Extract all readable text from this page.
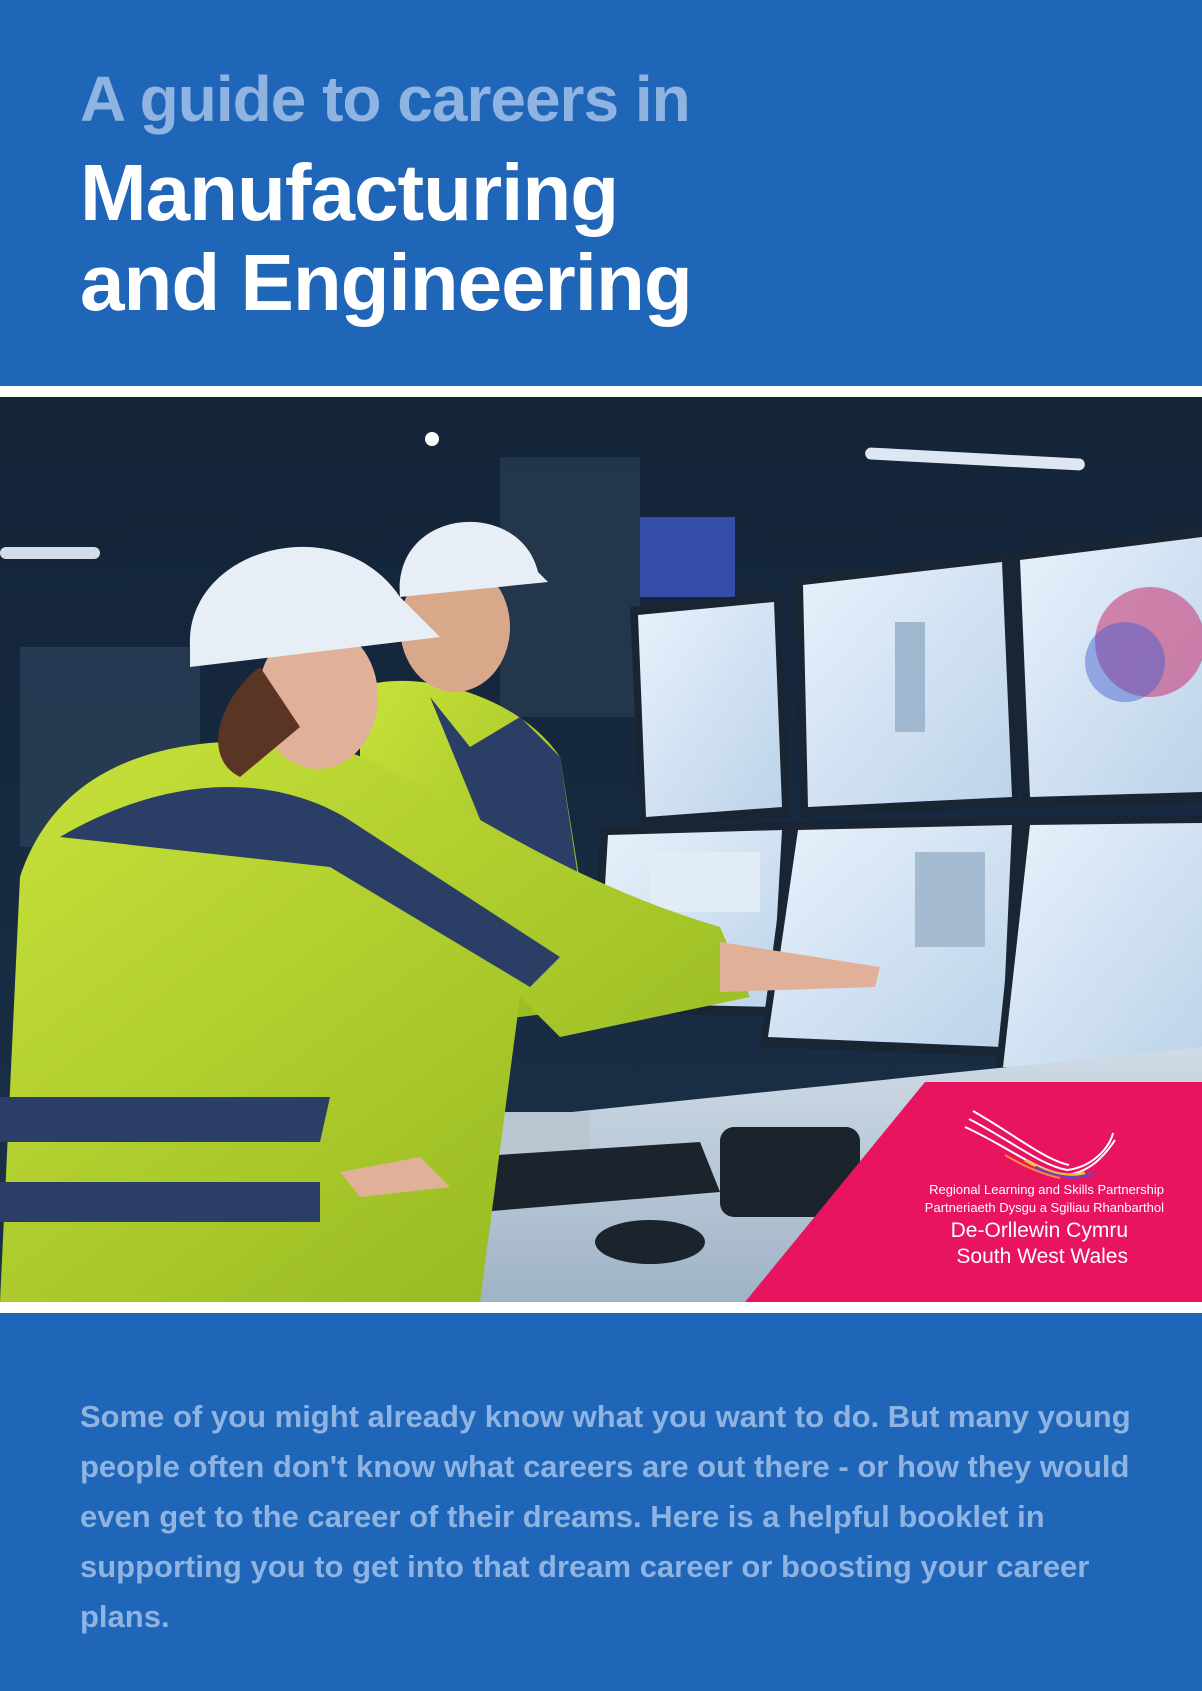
A guide to careers in
Manufacturing
and Engineering
Regional Learning and Skills Partnership
Partneriaeth Dysgu a Sgiliau Rhanbarthol
De-Orllewin Cymru
South West Wales
Some of you might already know what you want to do. But many young people often don't know what careers are out there - or how they would even get to the career of their dreams. Here is a helpful booklet in supporting you to get into that dream career or boosting your career plans.
